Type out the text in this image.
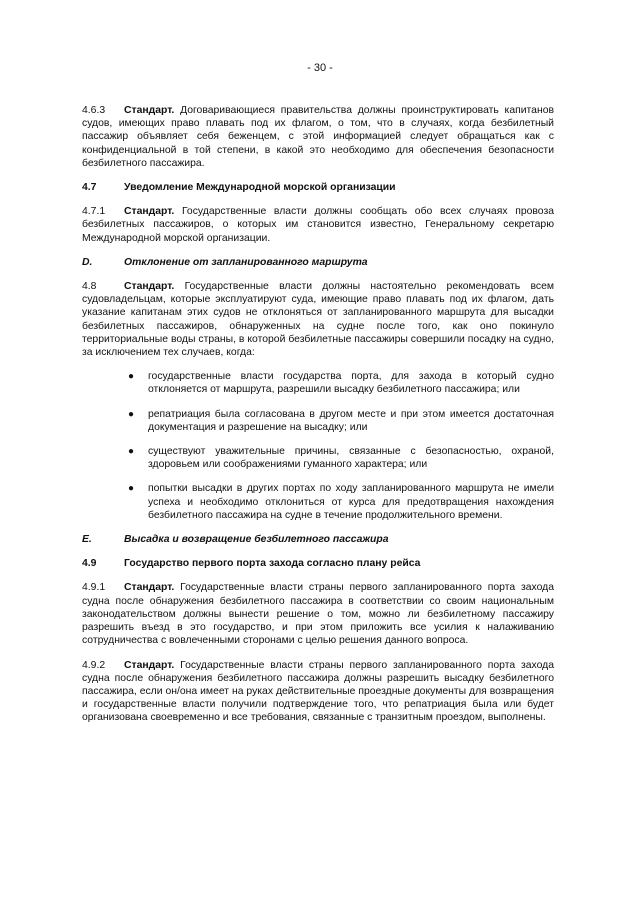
- 30 -

4.6.3 Стандарт. Договаривающиеся правительства должны проинструктировать капитанов судов, имеющих право плавать под их флагом, о том, что в случаях, когда безбилетный пассажир объявляет себя беженцем, с этой информацией следует обращаться как с конфиденциальной в той степени, в какой это необходимо для обеспечения безопасности безбилетного пассажира.

4.7	Уведомление Международной морской организации

4.7.1 Стандарт. Государственные власти должны сообщать обо всех случаях провоза безбилетных пассажиров, о которых им становится известно, Генеральному секретарю Международной морской организации.

D.	Отклонение от запланированного маршрута

4.8	Стандарт. Государственные власти должны настоятельно рекомендовать всем судовладельцам, которые эксплуатируют суда, имеющие право плавать под их флагом, дать указание капитанам этих судов не отклоняться от запланированного маршрута для высадки безбилетных пассажиров, обнаруженных на судне после того, как оно покинуло территориальные воды страны, в которой безбилетные пассажиры совершили посадку на судно, за исключением тех случаев, когда:

● государственные власти государства порта, для захода в который судно отклоняется от маршрута, разрешили высадку безбилетного пассажира; или
● репатриация была согласована в другом месте и при этом имеется достаточная документация и разрешение на высадку; или
● существуют уважительные причины, связанные с безопасностью, охраной, здоровьем или соображениями гуманного характера; или
● попытки высадки в других портах по ходу запланированного маршрута не имели успеха и необходимо отклониться от курса для предотвращения нахождения безбилетного пассажира на судне в течение продолжительного времени.
E.	Высадка и возвращение безбилетного пассажира
4.9	Государство первого порта захода согласно плану рейса

4.9.1 Стандарт. Государственные власти страны первого запланированного порта захода судна после обнаружения безбилетного пассажира в соответствии со своим национальным законодательством должны вынести решение о том, можно ли безбилетному пассажиру разрешить въезд в это государство, и при этом приложить все усилия к налаживанию сотрудничества с вовлеченными сторонами с целью решения данного вопроса.

4.9.2 Стандарт. Государственные власти страны первого запланированного порта захода судна после обнаружения безбилетного пассажира должны разрешить высадку безбилетного пассажира, если он/она имеет на руках действительные проездные документы для возвращения и государственные власти получили подтверждение того, что репатриация была или будет организована своевременно и все требования, связанные с транзитным проездом, выполнены.
